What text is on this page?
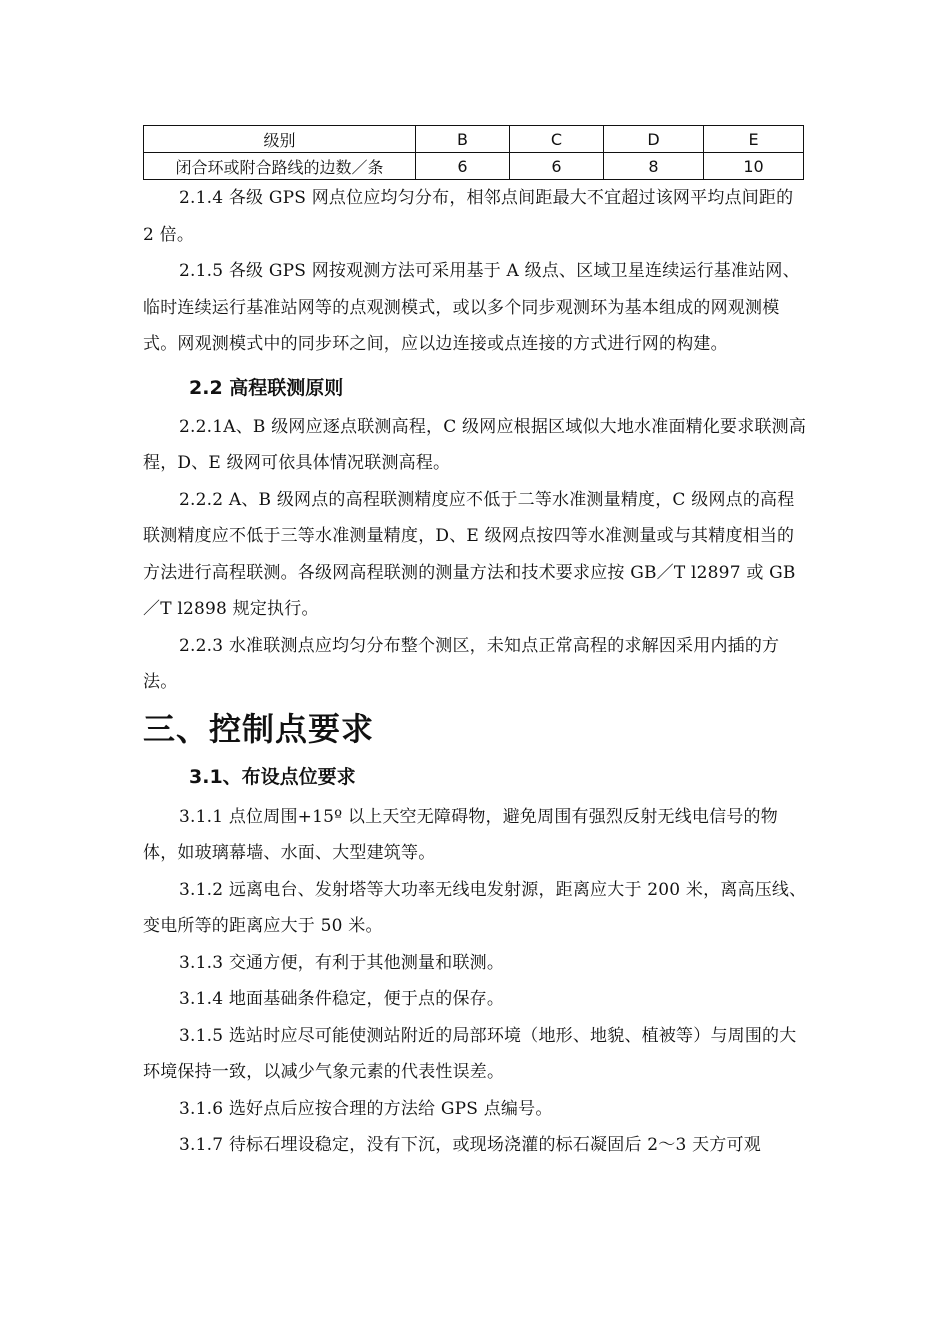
级别	B	C	D	E
闭合环或附合路线的边数／条	6	6	8	10

2.1.4 各级 GPS 网点位应均匀分布，相邻点间距最大不宜超过该网平均点间距的 2 倍。

2.1.5 各级 GPS 网按观测方法可采用基于 A 级点、区域卫星连续运行基准站网、临时连续运行基准站网等的点观测模式，或以多个同步观测环为基本组成的网观测模式。网观测模式中的同步环之间，应以边连接或点连接的方式进行网的构建。

2.2 高程联测原则

2.2.1A、B 级网应逐点联测高程，C 级网应根据区域似大地水准面精化要求联测高程，D、E 级网可依具体情况联测高程。

2.2.2 A、B 级网点的高程联测精度应不低于二等水准测量精度，C 级网点的高程联测精度应不低于三等水准测量精度，D、E 级网点按四等水准测量或与其精度相当的方法进行高程联测。各级网高程联测的测量方法和技术要求应按 GB／T l2897 或 GB／T l2898 规定执行。

2.2.3 水准联测点应均匀分布整个测区，未知点正常高程的求解因采用内插的方法。

三、控制点要求
3.1、布设点位要求

3.1.1 点位周围+15º 以上天空无障碍物，避免周围有强烈反射无线电信号的物体，如玻璃幕墙、水面、大型建筑等。

3.1.2 远离电台、发射塔等大功率无线电发射源，距离应大于 200 米，离高压线、变电所等的距离应大于 50 米。

3.1.3 交通方便，有利于其他测量和联测。

3.1.4 地面基础条件稳定，便于点的保存。

3.1.5 选站时应尽可能使测站附近的局部环境（地形、地貌、植被等）与周围的大环境保持一致，以减少气象元素的代表性误差。

3.1.6 选好点后应按合理的方法给 GPS 点编号。

3.1.7 待标石埋设稳定，没有下沉，或现场浇灌的标石凝固后 2～3 天方可观
